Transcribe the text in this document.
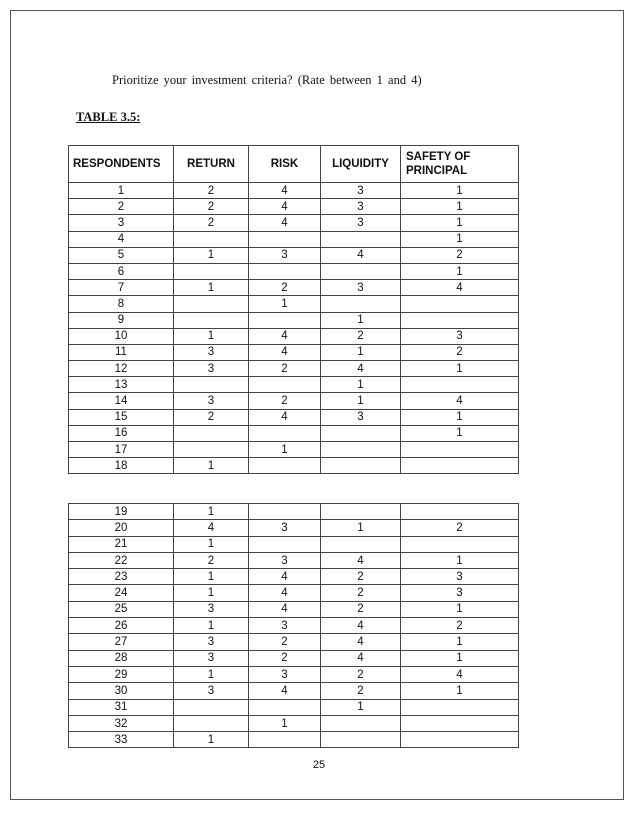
Prioritize your investment criteria? (Rate between 1 and 4)
TABLE 3.5:
RESPONDENTS	RETURN	RISK	LIQUIDITY	SAFETY OF PRINCIPAL
1	2	4	3	1
2	2	4	3	1
3	2	4	3	1
4				1
5	1	3	4	2
6				1
7	1	2	3	4
8		1		
9			1	
10	1	4	2	3
11	3	4	1	2
12	3	2	4	1
13			1	
14	3	2	1	4
15	2	4	3	1
16				1
17		1		
18	1			
19	1			
20	4	3	1	2
21	1			
22	2	3	4	1
23	1	4	2	3
24	1	4	2	3
25	3	4	2	1
26	1	3	4	2
27	3	2	4	1
28	3	2	4	1
29	1	3	2	4
30	3	4	2	1
31			1	
32		1		
33	1			
25
